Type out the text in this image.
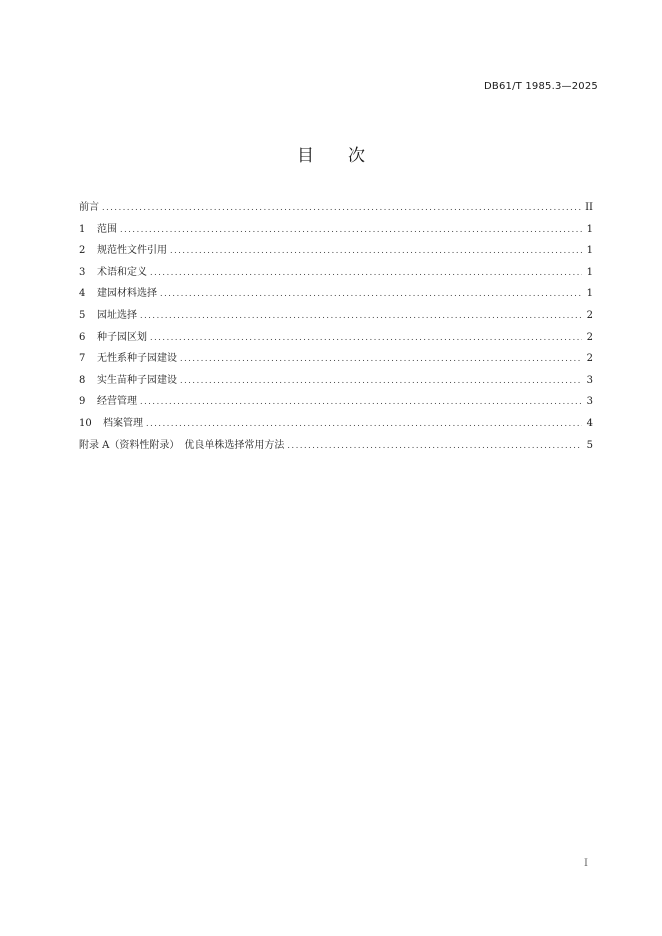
DB61/T 1985.3—2025
目 次
前言 .....	II
1	范围 .....	1
2	规范性文件引用 .....	1
3	术语和定义 .....	1
4	建园材料选择 .....	1
5	园址选择 .....	2
6	种子园区划 .....	2
7	无性系种子园建设 .....	2
8	实生苗种子园建设 .....	3
9	经营管理 .....	3
10	档案管理 .....	4
附录 A（资料性附录）　优良单株选择常用方法 .....	5
I
